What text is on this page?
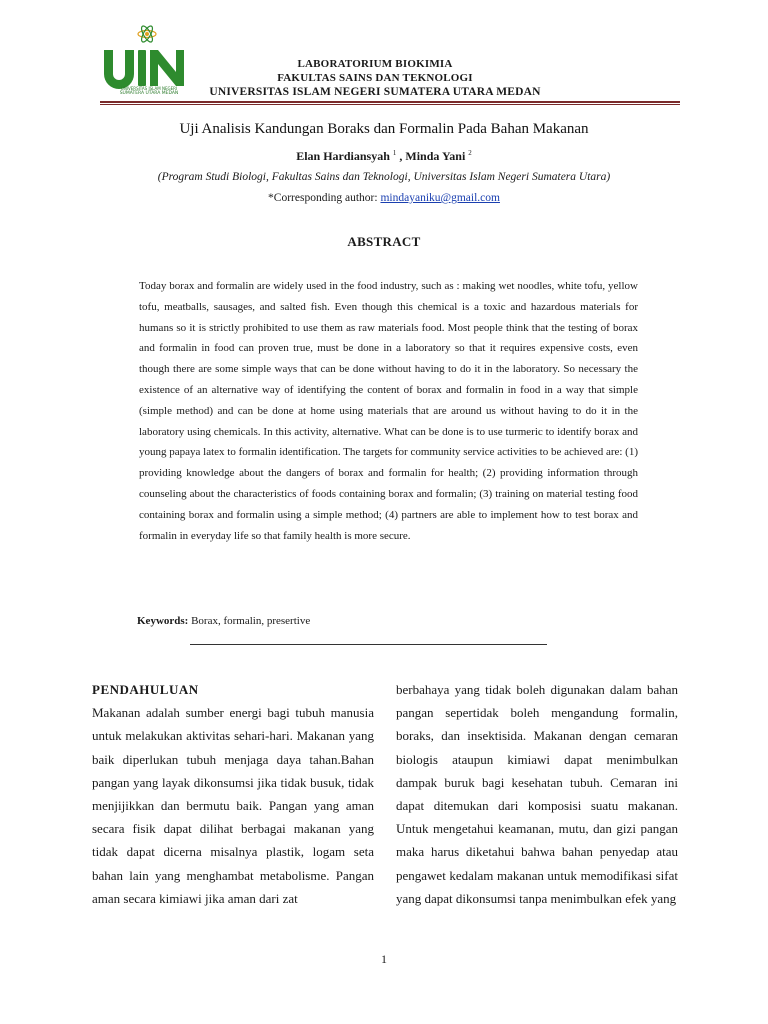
UNIVERSITAS ISLAM NEGERI
SUMATERA UTARA MEDAN
LABORATORIUM BIOKIMIA
FAKULTAS SAINS DAN TEKNOLOGI
UNIVERSITAS ISLAM NEGERI SUMATERA UTARA MEDAN
Uji Analisis Kandungan Boraks dan Formalin Pada Bahan Makanan
Elan Hardiansyah $^1$ , Minda Yani $^2$
(Program Studi Biologi, Fakultas Sains dan Teknologi, Universitas Islam Negeri Sumatera Utara)
*Corresponding author: mindayaniku@gmail.com
ABSTRACT
Today borax and formalin are widely used in the food industry, such as : making wet noodles, white tofu, yellow tofu, meatballs, sausages, and salted fish. Even though this chemical is a toxic and hazardous materials for humans so it is strictly prohibited to use them as raw materials food. Most people think that the testing of borax and formalin in food can proven true, must be done in a laboratory so that it requires expensive costs, even though there are some simple ways that can be done without having to do it in the laboratory. So necessary the existence of an alternative way of identifying the content of borax and formalin in food in a way that simple (simple method) and can be done at home using materials that are around us without having to do it in the laboratory using chemicals. In this activity, alternative. What can be done is to use turmeric to identify borax and young papaya latex to formalin identification. The targets for community service activities to be achieved are: (1) providing knowledge about the dangers of borax and formalin for health; (2) providing information through counseling about the characteristics of foods containing borax and formalin; (3) training on material testing food containing borax and formalin using a simple method; (4) partners are able to implement how to test borax and formalin in everyday life so that family health is more secure.
Keywords: Borax, formalin, presertive
PENDAHULUAN
Makanan adalah sumber energi bagi tubuh manusia untuk melakukan aktivitas sehari-hari. Makanan yang baik diperlukan tubuh menjaga daya tahan.Bahan pangan yang layak dikonsumsi jika tidak busuk, tidak menjijikkan dan bermutu baik. Pangan yang aman secara fisik dapat dilihat berbagai makanan yang tidak dapat dicerna misalnya plastik, logam seta bahan lain yang menghambat metabolisme. Pangan aman secara kimiawi jika aman dari zat
berbahaya yang tidak boleh digunakan dalam bahan pangan sepertidak boleh mengandung formalin, boraks, dan insektisida. Makanan dengan cemaran biologis ataupun kimiawi dapat menimbulkan dampak buruk bagi kesehatan tubuh. Cemaran ini dapat ditemukan dari komposisi suatu makanan. Untuk mengetahui keamanan, mutu, dan gizi pangan maka harus diketahui bahwa bahan penyedap atau pengawet kedalam makanan untuk memodifikasi sifat yang dapat dikonsumsi tanpa menimbulkan efek yang
1
